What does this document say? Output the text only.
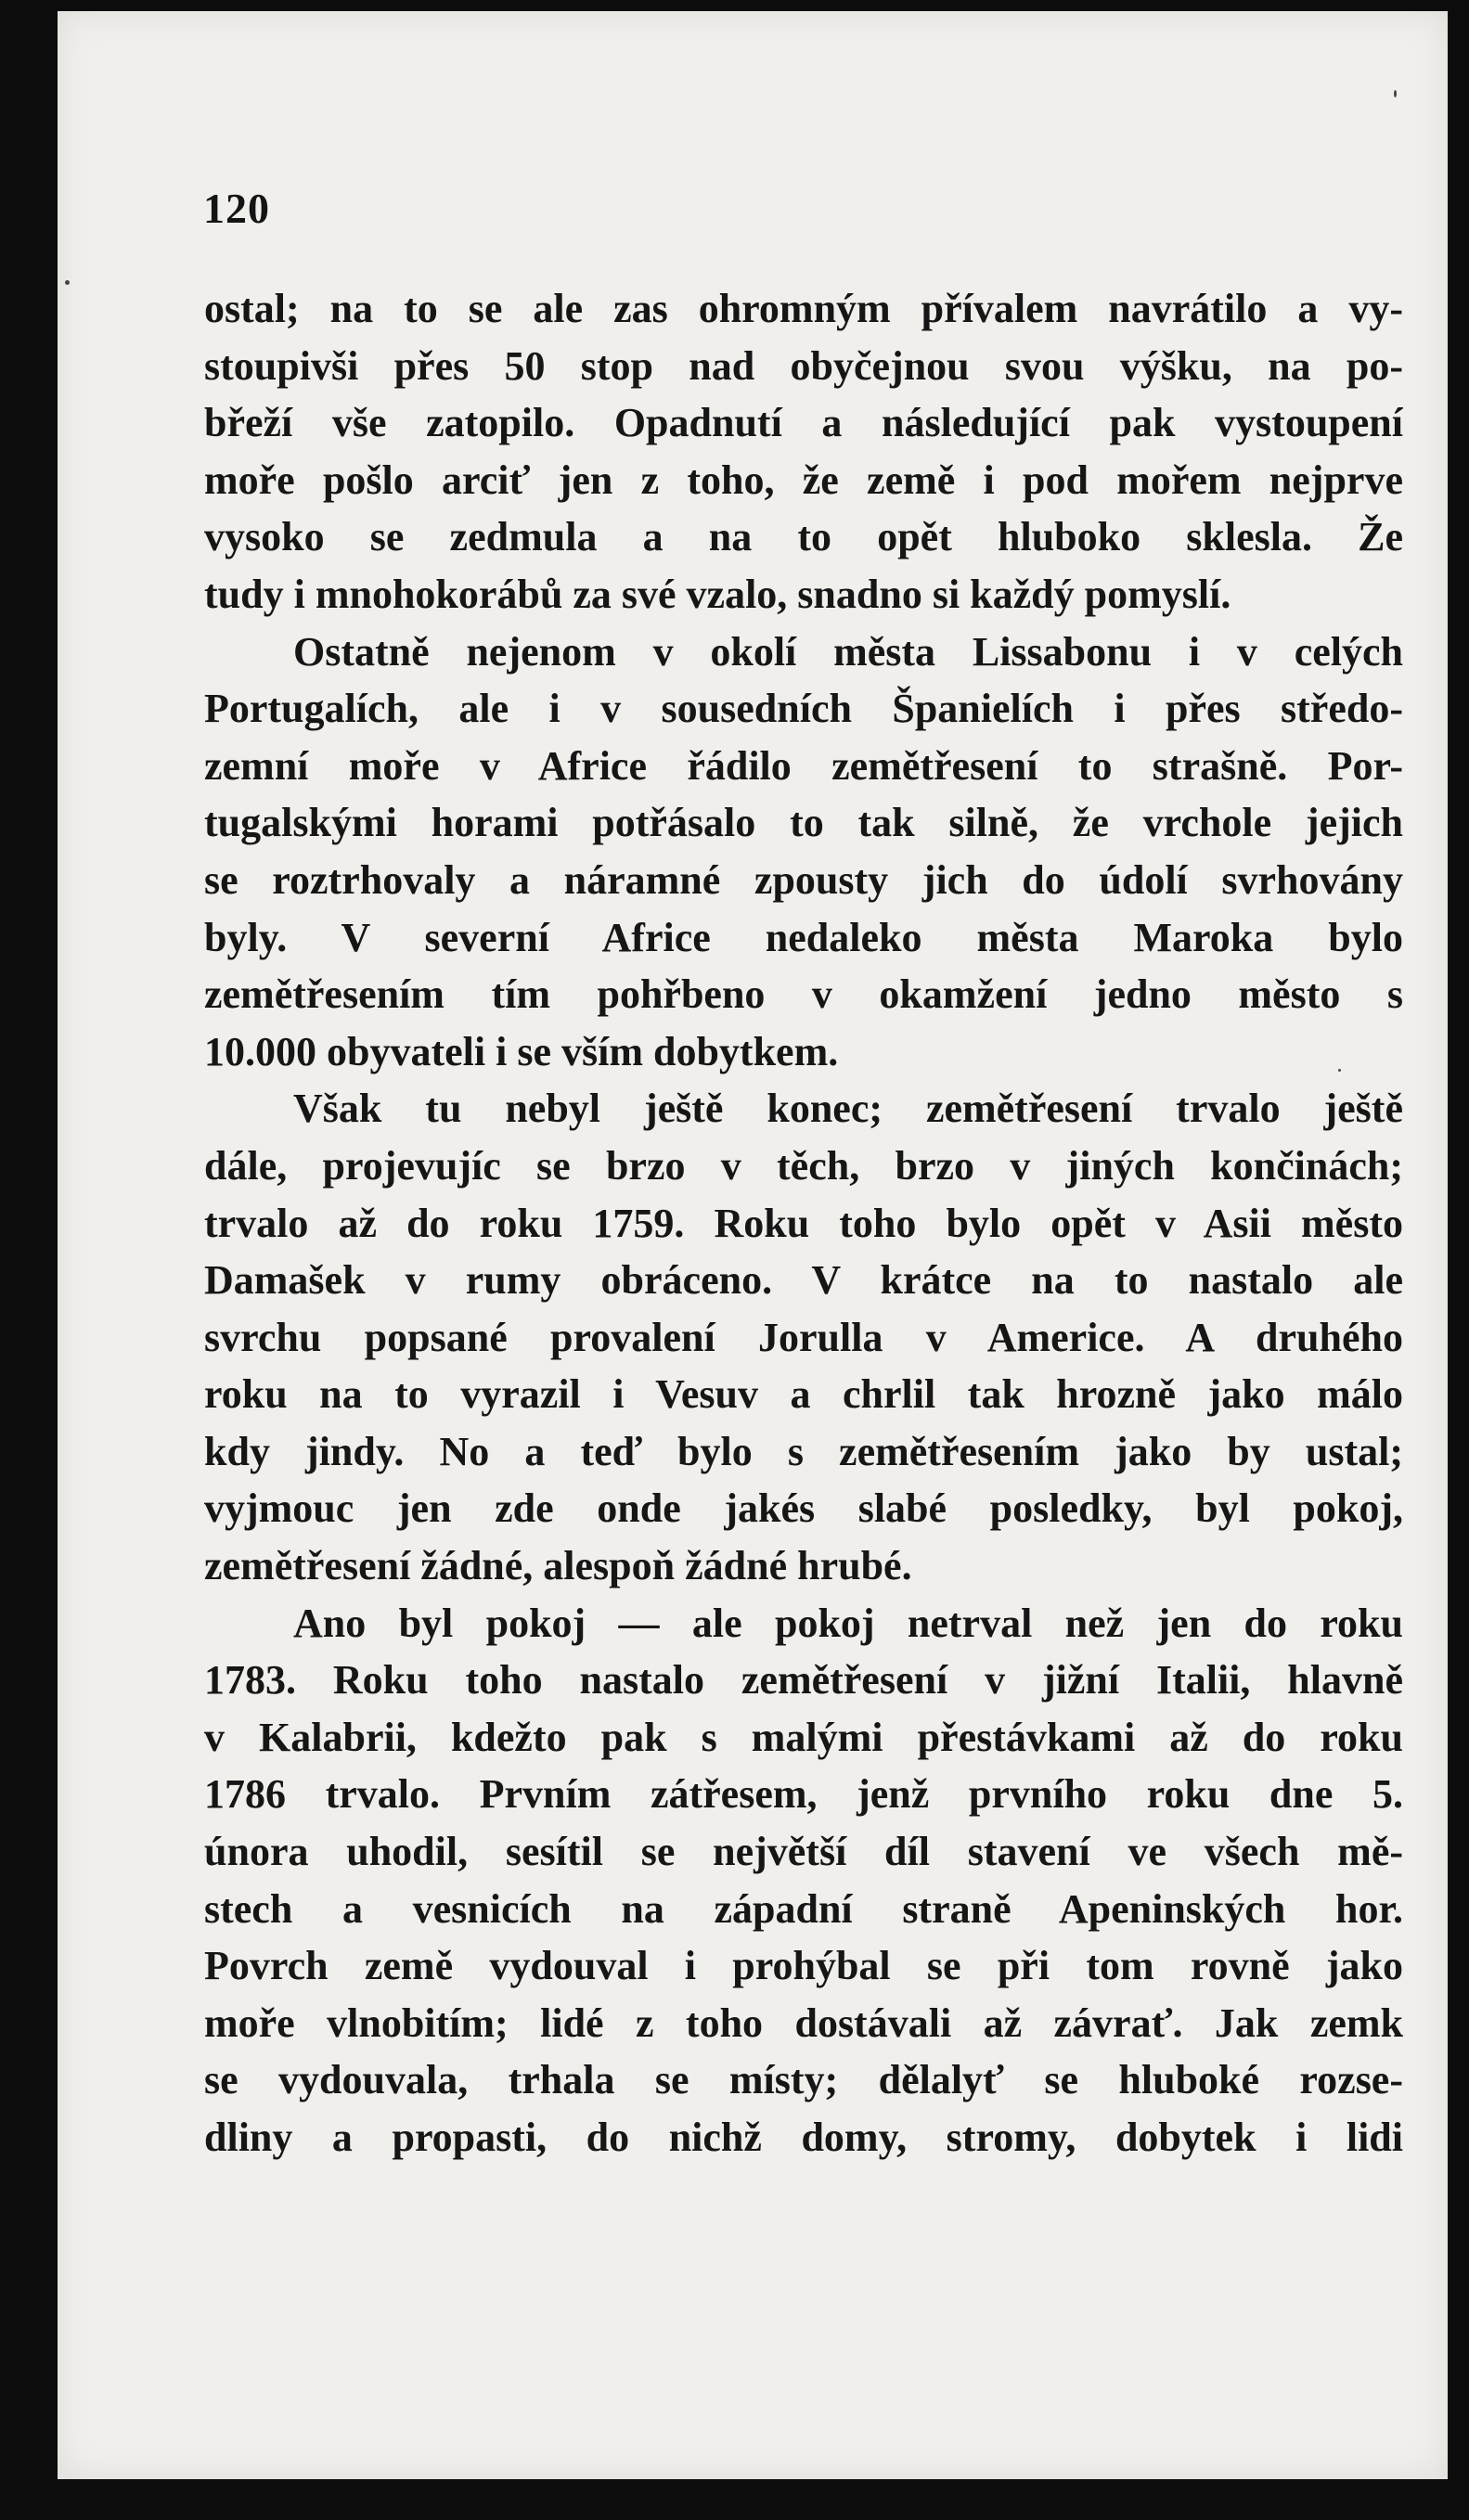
120
ostal; na to se ale zas ohromným přívalem navrátilo a vy-
stoupivši přes 50 stop nad obyčejnou svou výšku, na po-
břeží vše zatopilo. Opadnutí a následující pak vystoupení
moře pošlo arciť jen z toho, že země i pod mořem nejprve
vysoko se zedmula a na to opět hluboko sklesla. Že
tudy i mnohokorábů za své vzalo, snadno si každý pomyslí.
Ostatně nejenom v okolí města Lissabonu i v celých
Portugalích, ale i v sousedních Španielích i přes středo-
zemní moře v Africe řádilo zemětřesení to strašně. Por-
tugalskými horami potřásalo to tak silně, že vrchole jejich
se roztrhovaly a náramné zpousty jich do údolí svrhovány
byly. V severní Africe nedaleko města Maroka bylo
zemětřesením tím pohřbeno v okamžení jedno město s
10.000 obyvateli i se vším dobytkem.
Však tu nebyl ještě konec; zemětřesení trvalo ještě
dále, projevujíc se brzo v těch, brzo v jiných končinách;
trvalo až do roku 1759. Roku toho bylo opět v Asii město
Damašek v rumy obráceno. V krátce na to nastalo ale
svrchu popsané provalení Jorulla v Americe. A druhého
roku na to vyrazil i Vesuv a chrlil tak hrozně jako málo
kdy jindy. No a teď bylo s zemětřesením jako by ustal;
vyjmouc jen zde onde jakés slabé posledky, byl pokoj,
zemětřesení žádné, alespoň žádné hrubé.
Ano byl pokoj — ale pokoj netrval než jen do roku
1783. Roku toho nastalo zemětřesení v jižní Italii, hlavně
v Kalabrii, kdežto pak s malými přestávkami až do roku
1786 trvalo. Prvním zátřesem, jenž prvního roku dne 5.
února uhodil, sesítil se největší díl stavení ve všech mě-
stech a vesnicích na západní straně Apeninských hor.
Povrch země vydouval i prohýbal se při tom rovně jako
moře vlnobitím; lidé z toho dostávali až závrať. Jak zemk
se vydouvala, trhala se místy; dělalyť se hluboké rozse-
dliny a propasti, do nichž domy, stromy, dobytek i lidi
